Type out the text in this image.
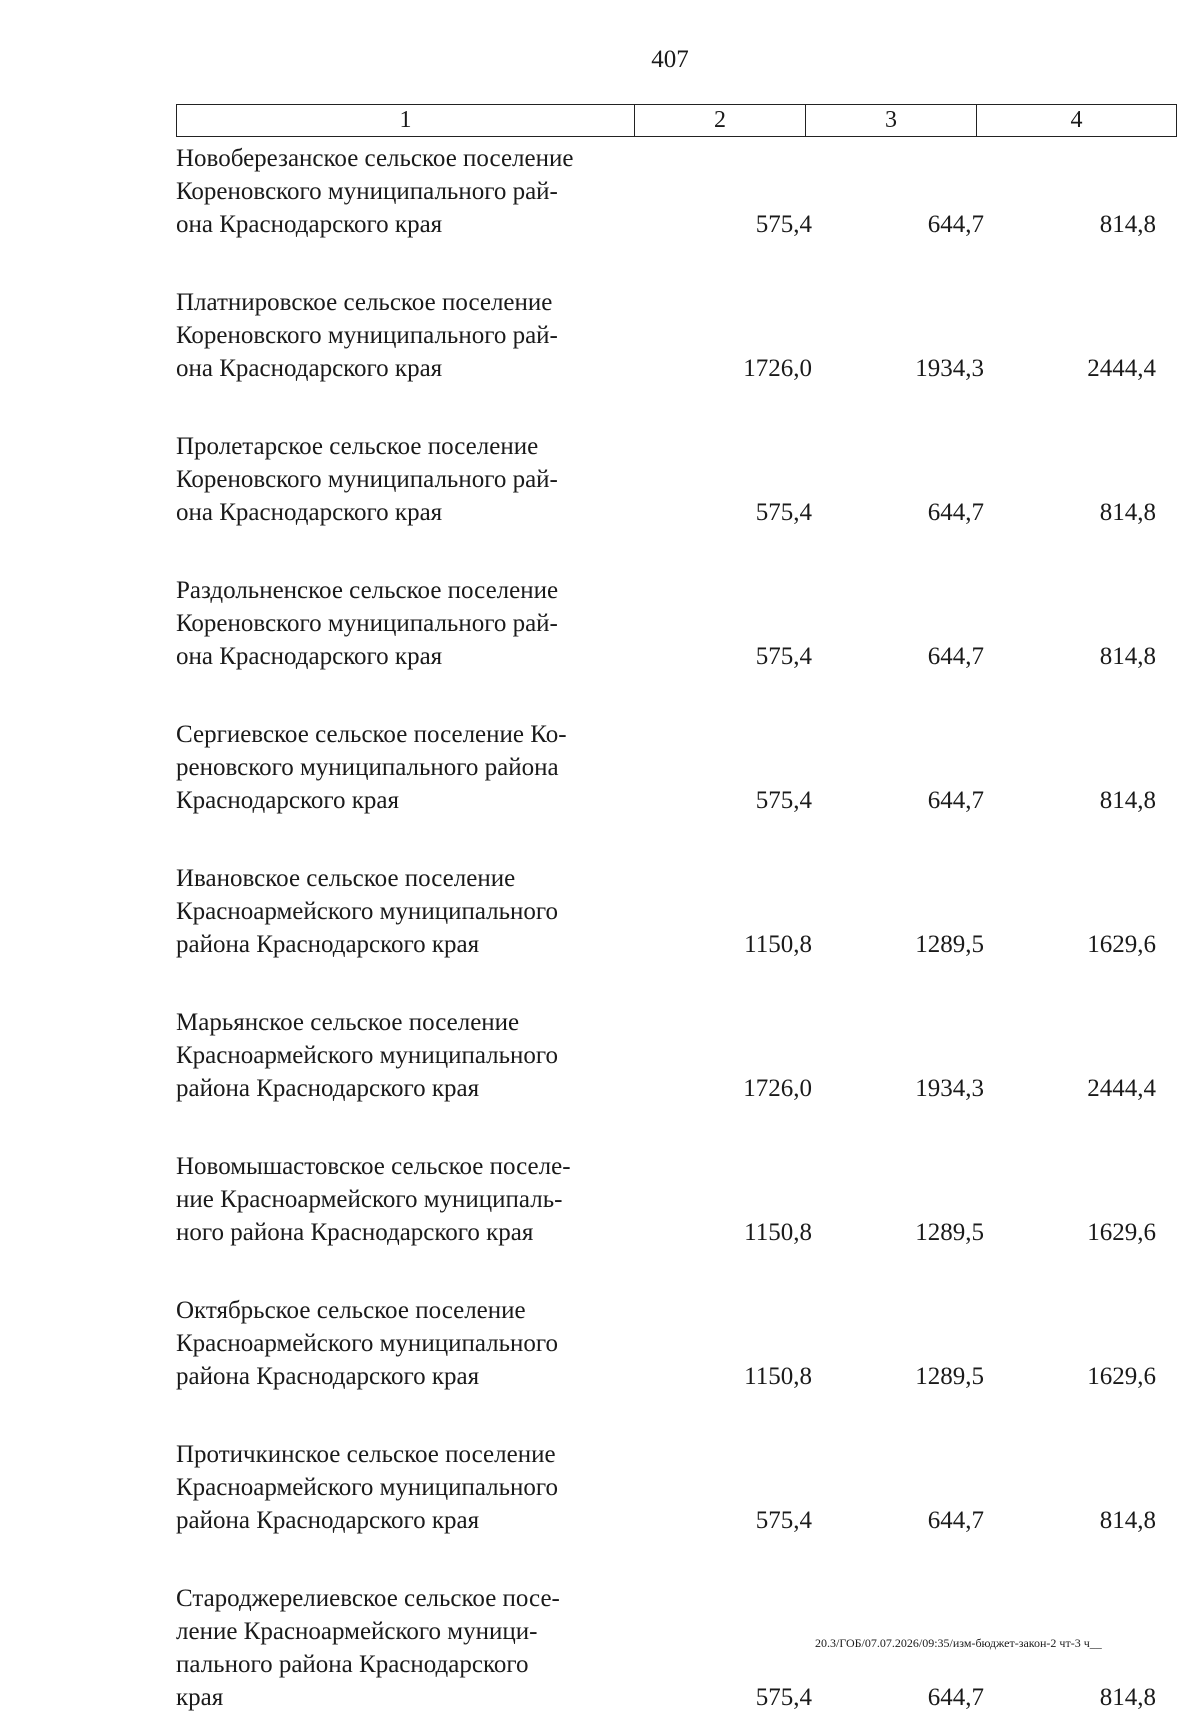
407
1	2	3	4
Новоберезанское сельское поселение
Кореновского муниципального рай-
она Краснодарского края	575,4	644,7	814,8
Платнировское сельское поселение
Кореновского муниципального рай-
она Краснодарского края	1726,0	1934,3	2444,4
Пролетарское сельское поселение
Кореновского муниципального рай-
она Краснодарского края	575,4	644,7	814,8
Раздольненское сельское поселение
Кореновского муниципального рай-
она Краснодарского края	575,4	644,7	814,8
Сергиевское сельское поселение Ко-
реновского муниципального района
Краснодарского края	575,4	644,7	814,8
Ивановское сельское поселение
Красноармейского муниципального
района Краснодарского края	1150,8	1289,5	1629,6
Марьянское сельское поселение
Красноармейского муниципального
района Краснодарского края	1726,0	1934,3	2444,4
Новомышастовское сельское поселе-
ние Красноармейского муниципаль-
ного района Краснодарского края	1150,8	1289,5	1629,6
Октябрьское сельское поселение
Красноармейского муниципального
района Краснодарского края	1150,8	1289,5	1629,6
Протичкинское сельское поселение
Красноармейского муниципального
района Краснодарского края	575,4	644,7	814,8
Староджерелиевское сельское посе-
ление Красноармейского муници-
пального района Краснодарского
края	575,4	644,7	814,8
20.3/ГОБ/07.07.2026/09:35/изм-бюджет-закон-2 чт-3 ч__
